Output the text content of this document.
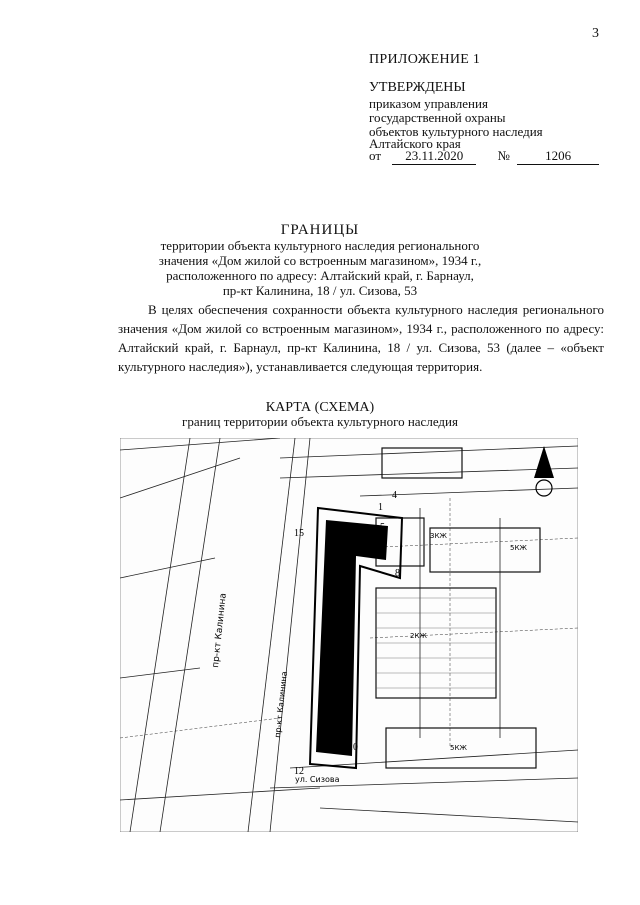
3
ПРИЛОЖЕНИЕ 1
УТВЕРЖДЕНЫ
приказом управления
государственной охраны
объектов культурного наследия
Алтайского края
от 23.11.2020	№	1206
ГРАНИЦЫ
территории объекта культурного наследия регионального
значения «Дом жилой со встроенным магазином», 1934 г.,
расположенного по адресу: Алтайский край, г. Барнаул,
пр-кт Калинина, 18 / ул. Сизова, 53
В целях обеспечения сохранности объекта культурного наследия регионального значения «Дом жилой со встроенным магазином», 1934 г., расположенного по адресу: Алтайский край, г. Барнаул, пр-кт Калинина, 18 / ул. Сизова, 53 (далее – «объект культурного наследия»), устанавливается следующая территория.
КАРТА (СХЕМА)
границ территории объекта культурного наследия
пр-кт Калинина
пр-кт Калинина
ул. Сизова
5КЖ
2КЖ
3КЖ
5КЖ
1
4
5
8
10
12
15
